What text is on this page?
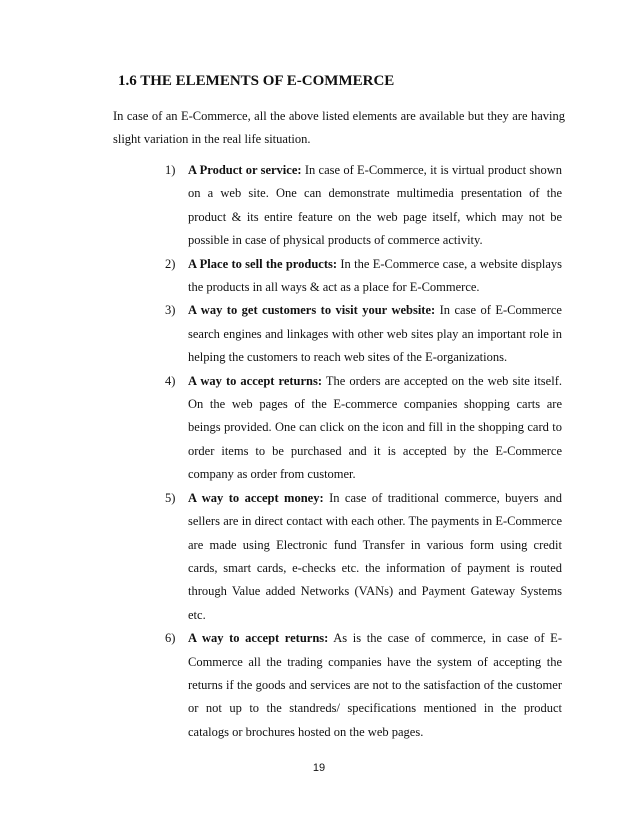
1.6 THE ELEMENTS OF E-COMMERCE

In case of an E-Commerce, all the above listed elements are available but they are having slight variation in the real life situation.

1) A Product or service: In case of E-Commerce, it is virtual product shown on a web site. One can demonstrate multimedia presentation of the product & its entire feature on the web page itself, which may not be possible in case of physical products of commerce activity.
2) A Place to sell the products: In the E-Commerce case, a website displays the products in all ways & act as a place for E-Commerce.
3) A way to get customers to visit your website: In case of E-Commerce search engines and linkages with other web sites play an important role in helping the customers to reach web sites of the E-organizations.
4) A way to accept returns: The orders are accepted on the web site itself. On the web pages of the E-commerce companies shopping carts are beings provided. One can click on the icon and fill in the shopping card to order items to be purchased and it is accepted by the E-Commerce company as order from customer.
5) A way to accept money: In case of traditional commerce, buyers and sellers are in direct contact with each other. The payments in E-Commerce are made using Electronic fund Transfer in various form using credit cards, smart cards, e-checks etc. the information of payment is routed through Value added Networks (VANs) and Payment Gateway Systems etc.
6) A way to accept returns: As is the case of commerce, in case of E-Commerce all the trading companies have the system of accepting the returns if the goods and services are not to the satisfaction of the customer or not up to the standreds/ specifications mentioned in the product catalogs or brochures hosted on the web pages.
19
